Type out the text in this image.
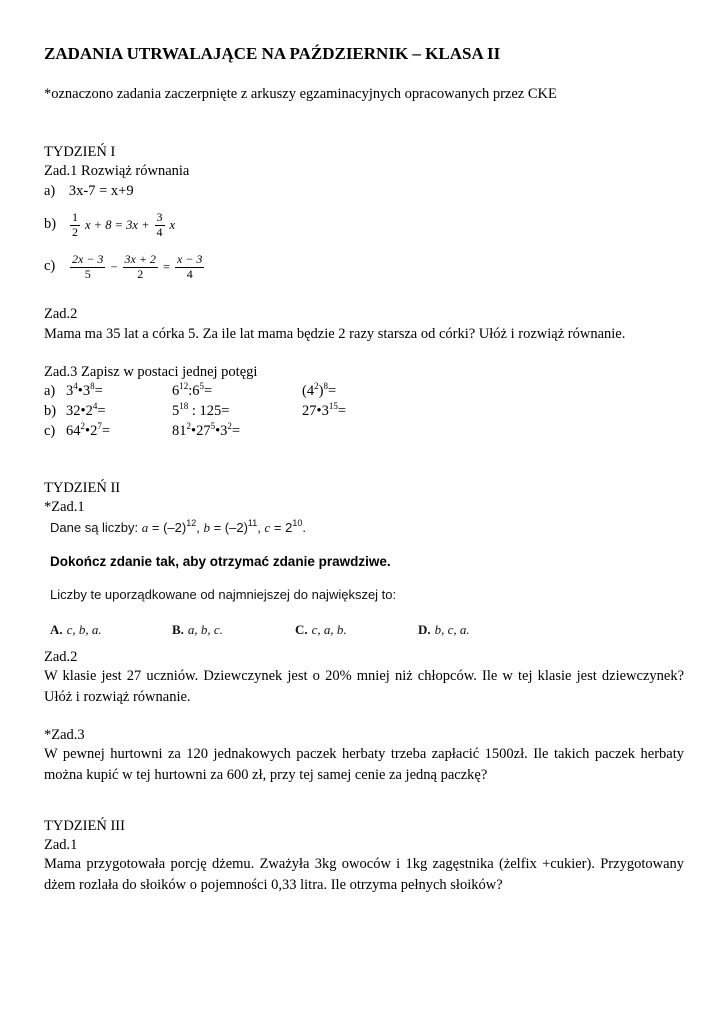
ZADANIA UTRWALAJĄCE NA PAŹDZIERNIK – KLASA II
*oznaczono zadania zaczerpnięte z arkuszy egzaminacyjnych opracowanych przez CKE
TYDZIEŃ I
Zad.1 Rozwiąż równania
a) 3x-7 = x+9
b)	$\frac{1}{2}$ $x + 8 = 3x + \frac{3}{4}$ x
c)	$\frac{2x - 3}{5} - \frac{3x + 2}{2} = \frac{x - 3}{4}$
Zad.2
Mama ma 35 lat a córka 5. Za ile lat mama będzie 2 razy starsza od córki? Ułóż i rozwiąż równanie.
Zad.3 Zapisz w postaci jednej potęgi
a) $3^4•3^8=$	$6^{12}:6^5=$	$(4^2)^8=$
b) $32•2^4=$	$5^{18}$ : 125=	$27•3^{15}=$
c) $64^2•2^7=$	$81^2•27^5•3^2=$
TYDZIEŃ II
*Zad.1
Dane są liczby: $a = (-2)^{12}$, $b = (-2)^{11}$, $c = 2^{10}$.
Dokończ zdanie tak, aby otrzymać zdanie prawdziwe.
Liczby te uporządkowane od najmniejszej do największej to:
A. c, b, a.	B. a, b, c.	C. c, a, b.	D. b, c, a.
Zad.2
W klasie jest 27 uczniów. Dziewczynek jest o 20% mniej niż chłopców. Ile w tej klasie jest dziewczynek? Ułóż i rozwiąż równanie.
*Zad.3
W pewnej hurtowni za 120 jednakowych paczek herbaty trzeba zapłacić 1500zł. Ile takich paczek herbaty można kupić w tej hurtowni za 600 zł, przy tej samej cenie za jedną paczkę?
TYDZIEŃ III
Zad.1
Mama przygotowała porcję dżemu. Zważyła 3kg owoców i 1kg zagęstnika (żelfix +cukier). Przygotowany dżem rozlała do słoików o pojemności 0,33 litra. Ile otrzyma pełnych słoików?
